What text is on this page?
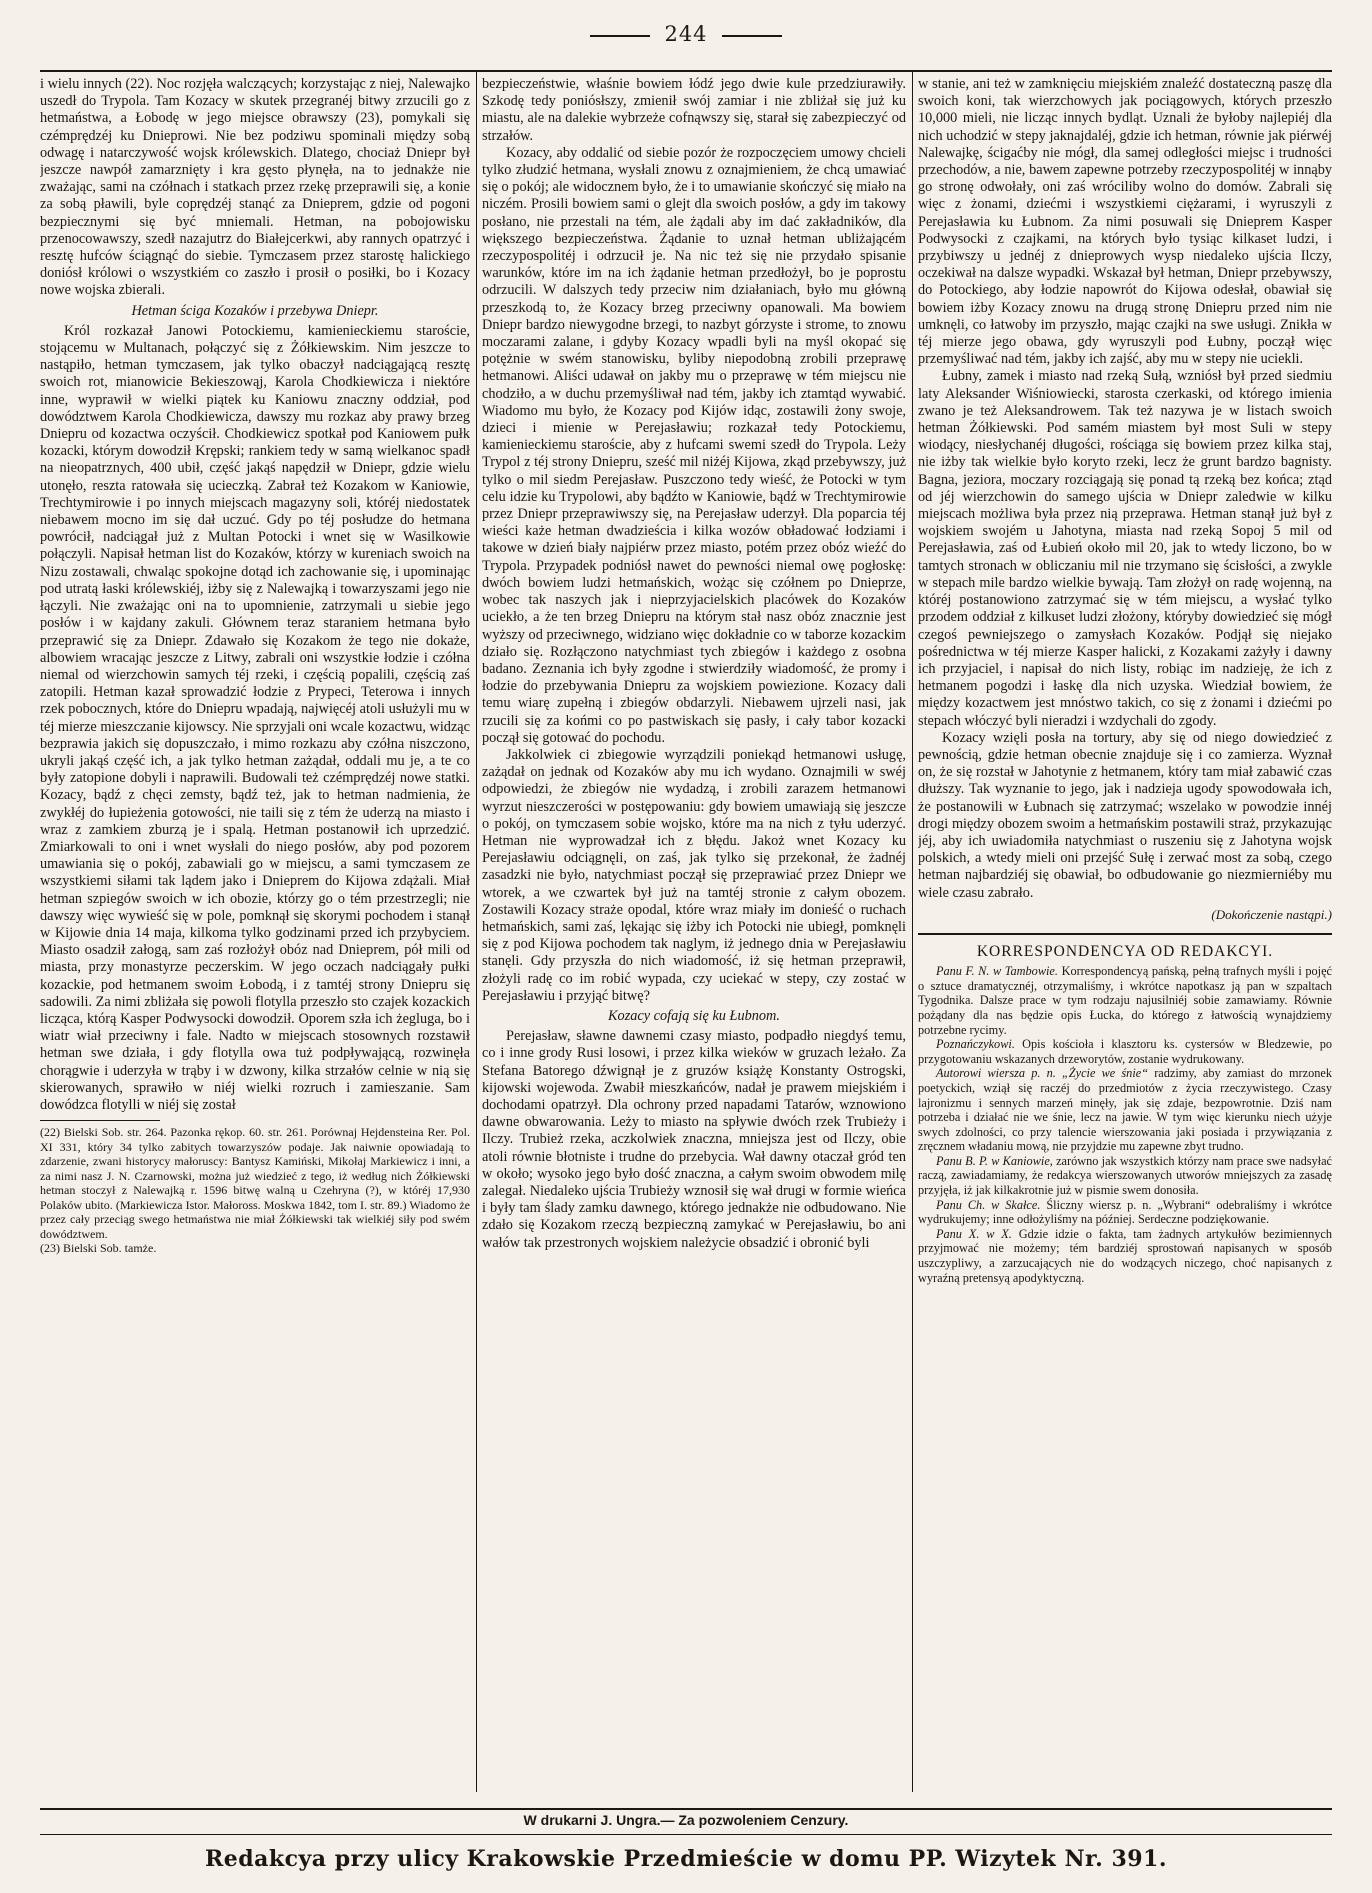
244

i wielu innych (22). Noc rozjęła walczących; korzystając z niej, Nalewajko uszedł do Trypola. Tam Kozacy w skutek przegranéj bitwy zrzucili go z hetmaństwa, a Łobodę w jego miejsce obrawszy (23), pomykali się czémprędzéj ku Dnieprowi. Nie bez podziwu spominali między sobą odwagę i natarczywość wojsk królewskich. Dlatego, chociaż Dniepr był jeszcze nawpół zamarznięty i kra gęsto płynęła, na to jednakże nie zważając, sami na czółnach i statkach przez rzekę przeprawili się, a konie za sobą pławili, byle coprędzéj stanąć za Dnieprem, gdzie od pogoni bezpiecznymi się być mniemali. Hetman, na pobojowisku przenocowawszy, szedł nazajutrz do Białejcerkwi, aby rannych opatrzyć i resztę hufców ściągnąć do siebie. Tymczasem przez starostę halickiego doniósł królowi o wszystkiém co zaszło i prosił o posiłki, bo i Kozacy nowe wojska zbierali.

Hetman ściga Kozaków i przebywa Dniepr.

Król rozkazał Janowi Potockiemu, kamienieckiemu staroście, stojącemu w Multanach, połączyć się z Żółkiewskim. Nim jeszcze to nastąpiło, hetman tymczasem, jak tylko obaczył nadciągającą resztę swoich rot, mianowicie Bekieszowąj, Karola Chodkiewicza i niektóre inne, wyprawił w wielki piątek ku Kaniowu znaczny oddział, pod dowództwem Karola Chodkiewicza, dawszy mu rozkaz aby prawy brzeg Dniepru od kozactwa oczyścił. Chodkiewicz spotkał pod Kaniowem pułk kozacki, którym dowodził Krępski; rankiem tedy w samą wielkanoc spadł na nieopatrznych, 400 ubił, część jakąś napędził w Dniepr, gdzie wielu utonęło, reszta ratowała się ucieczką. Zabrał też Kozakom w Kaniowie, Trechtymirowie i po innych miejscach magazyny soli, któréj niedostatek niebawem mocno im się dał uczuć. Gdy po téj posłudze do hetmana powrócił, nadciągał już z Multan Potocki i wnet się w Wasilkowie połączyli. Napisał hetman list do Kozaków, którzy w kureniach swoich na Nizu zostawali, chwaląc spokojne dotąd ich zachowanie się, i upominając pod utratą łaski królewskiéj, iżby się z Nalewajką i towarzyszami jego nie łączyli. Nie zważając oni na to upomnienie, zatrzymali u siebie jego posłów i w kajdany zakuli. Głównem teraz staraniem hetmana było przeprawić się za Dniepr. Zdawało się Kozakom że tego nie dokaże, albowiem wracając jeszcze z Litwy, zabrali oni wszystkie łodzie i czółna niemal od wierzchowin samych téj rzeki, i częścią popalili, częścią zaś zatopili. Hetman kazał sprowadzić łodzie z Prypeci, Teterowa i innych rzek pobocznych, które do Dniepru wpadają, najwięcéj atoli usłużyli mu w téj mierze mieszczanie kijowscy. Nie sprzyjali oni wcale kozactwu, widząc bezprawia jakich się dopuszczało, i mimo rozkazu aby czółna niszczono, ukryli jakąś część ich, a jak tylko hetman zażądał, oddali mu je, a te co były zatopione dobyli i naprawili. Budowali też czémprędzéj nowe statki. Kozacy, bądź z chęci zemsty, bądź też, jak to hetman nadmienia, że zwykłéj do łupieżenia gotowości, nie taili się z tém że uderzą na miasto i wraz z zamkiem zburzą je i spalą. Hetman postanowił ich uprzedzić. Zmiarkowali to oni i wnet wysłali do niego posłów, aby pod pozorem umawiania się o pokój, zabawiali go w miejscu, a sami tymczasem ze wszystkiemi siłami tak lądem jako i Dnieprem do Kijowa zdążali. Miał hetman szpiegów swoich w ich obozie, którzy go o tém przestrzegli; nie dawszy więc wywieść się w pole, pomknął się skorymi pochodem i stanął w Kijowie dnia 14 maja, kilkoma tylko godzinami przed ich przybyciem. Miasto osadził załogą, sam zaś rozłożył obóz nad Dnieprem, pół mili od miasta, przy monastyrze peczerskim. W jego oczach nadciągały pułki kozackie, pod hetmanem swoim Łobodą, i z tamtéj strony Dniepru się sadowili. Za nimi zbliżała się powoli flotylla przeszło sto czajek kozackich licząca, którą Kasper Podwysocki dowodził. Oporem szła ich żegluga, bo i wiatr wiał przeciwny i fale. Nadto w miejscach stosownych rozstawił hetman swe działa, i gdy flotylla owa tuż podpływającą, rozwinęła chorągwie i uderzyła w trąby i w dzwony, kilka strzałów celnie w nią się skierowanych, sprawiło w niéj wielki rozruch i zamieszanie. Sam dowódzca flotylli w niéj się został

(22) Bielski Sob. str. 264. Pazonka rękop. 60. str. 261. Porównaj Hejdensteina Rer. Pol. XI 331, który 34 tylko zabitych towarzyszów podaje. Jak naiwnie opowiadają to zdarzenie, zwani historycy małoruscy: Bantysz Kamiński, Mikołaj Markiewicz i inni, a za nimi nasz J. N. Czarnowski, można już wiedzieć z tego, iż według nich Żółkiewski hetman stoczył z Nalewajką r. 1596 bitwę walną u Czehryna (?), w któréj 17,930 Polaków ubito. (Markiewicza Istor. Małoross. Moskwa 1842, tom I. str. 89.) Wiadomo że przez cały przeciąg swego hetmaństwa nie miał Żółkiewski tak wielkiéj siły pod swém dowództwem.

(23) Bielski Sob. tamże.

bezpieczeństwie, właśnie bowiem łódź jego dwie kule przedziurawiły. Szkodę tedy poniósłszy, zmienił swój zamiar i nie zbliżał się już ku miastu, ale na dalekie wybrzeże cofnąwszy się, starał się zabezpieczyć od strzałów.

Kozacy, aby oddalić od siebie pozór że rozpoczęciem umowy chcieli tylko złudzić hetmana, wysłali znowu z oznajmieniem, że chcą umawiać się o pokój; ale widocznem było, że i to umawianie skończyć się miało na niczém. Prosili bowiem sami o glejt dla swoich posłów, a gdy im takowy posłano, nie przestali na tém, ale żądali aby im dać zakładników, dla większego bezpieczeństwa. Żądanie to uznał hetman ubliżającém rzeczypospolitéj i odrzucił je. Na nic też się nie przydało spisanie warunków, które im na ich żądanie hetman przedłożył, bo je poprostu odrzucili. W dalszych tedy przeciw nim działaniach, było mu główną przeszkodą to, że Kozacy brzeg przeciwny opanowali. Ma bowiem Dniepr bardzo niewygodne brzegi, to nazbyt górzyste i strome, to znowu moczarami zalane, i gdyby Kozacy wpadli byli na myśl okopać się potężnie w swém stanowisku, byliby niepodobną zrobili przeprawę hetmanowi. Aliści udawał on jakby mu o przeprawę w tém miejscu nie chodziło, a w duchu przemyśliwał nad tém, jakby ich ztamtąd wywabić. Wiadomo mu było, że Kozacy pod Kijów idąc, zostawili żony swoje, dzieci i mienie w Perejasławiu; rozkazał tedy Potockiemu, kamienieckiemu staroście, aby z hufcami swemi szedł do Trypola. Leży Trypol z téj strony Dniepru, sześć mil niżéj Kijowa, zkąd przebywszy, już tylko o mil siedm Perejasław. Puszczono tedy wieść, że Potocki w tym celu idzie ku Trypolowi, aby bądźto w Kaniowie, bądź w Trechtymirowie przez Dniepr przeprawiwszy się, na Perejasław uderzył. Dla poparcia téj wieści każe hetman dwadzieścia i kilka wozów obładować łodziami i takowe w dzień biały najpiérw przez miasto, potém przez obóz wieźć do Trypola. Przypadek podniósł nawet do pewności niemal owę pogłoskę: dwóch bowiem ludzi hetmańskich, wożąc się czółnem po Dnieprze, wobec tak naszych jak i nieprzyjacielskich placówek do Kozaków uciekło, a że ten brzeg Dniepru na którym stał nasz obóz znacznie jest wyższy od przeciwnego, widziano więc dokładnie co w taborze kozackim działo się. Rozłączono natychmiast tych zbiegów i każdego z osobna badano. Zeznania ich były zgodne i stwierdziły wiadomość, że promy i łodzie do przebywania Dniepru za wojskiem powiezione. Kozacy dali temu wiarę zupełną i zbiegów obdarzyli. Niebawem ujrzeli nasi, jak rzucili się za końmi co po pastwiskach się pasły, i cały tabor kozacki począł się gotować do pochodu.

Jakkolwiek ci zbiegowie wyrządzili poniekąd hetmanowi usługę, zażądał on jednak od Kozaków aby mu ich wydano. Oznajmili w swéj odpowiedzi, że zbiegów nie wydadzą, i zrobili zarazem hetmanowi wyrzut nieszczerości w postępowaniu: gdy bowiem umawiają się jeszcze o pokój, on tymczasem sobie wojsko, które ma na nich z tyłu uderzyć. Hetman nie wyprowadzał ich z błędu. Jakoż wnet Kozacy ku Perejasławiu odciągnęli, on zaś, jak tylko się przekonał, że żadnéj zasadzki nie było, natychmiast począł się przeprawiać przez Dniepr we wtorek, a we czwartek był już na tamtéj stronie z całym obozem. Zostawili Kozacy straże opodal, które wraz miały im donieść o ruchach hetmańskich, sami zaś, lękając się iżby ich Potocki nie ubiegł, pomknęli się z pod Kijowa pochodem tak naglym, iż jednego dnia w Perejasławiu stanęli. Gdy przyszła do nich wiadomość, iż się hetman przeprawił, złożyli radę co im robić wypada, czy uciekać w stepy, czy zostać w Perejasławiu i przyjąć bitwę?

Kozacy cofają się ku Łubnom.

Perejasław, sławne dawnemi czasy miasto, podpadło niegdyś temu, co i inne grody Rusi losowi, i przez kilka wieków w gruzach leżało. Za Stefana Batorego dźwignął je z gruzów książę Konstanty Ostrogski, kijowski wojewoda. Zwabił mieszkańców, nadał je prawem miejskiém i dochodami opatrzył. Dla ochrony przed napadami Tatarów, wznowiono dawne obwarowania. Leży to miasto na spływie dwóch rzek Trubieży i Ilczy. Trubież rzeka, aczkolwiek znaczna, mniejsza jest od Ilczy, obie atoli równie błotniste i trudne do przebycia. Wał dawny otaczał gród ten w około; wysoko jego było dość znaczna, a całym swoim obwodem milę zalegał. Niedaleko ujścia Trubieży wznosił się wał drugi w formie wieńca i były tam ślady zamku dawnego, którego jednakże nie odbudowano. Nie zdało się Kozakom rzeczą bezpieczną zamykać w Perejasławiu, bo ani wałów tak przestronych wojskiem należycie obsadzić i obronić byli

w stanie, ani też w zamknięciu miejskiém znaleźć dostateczną paszę dla swoich koni, tak wierzchowych jak pociągowych, których przeszło 10,000 mieli, nie licząc innych bydląt. Uznali że byłoby najlepiéj dla nich uchodzić w stepy jaknajdaléj, gdzie ich hetman, równie jak piérwéj Nalewajkę, ścigaćby nie mógł, dla samej odległości miejsc i trudności przechodów, a nie, bawem zapewne potrzeby rzeczypospolitéj w innąby go stronę odwołały, oni zaś wróciliby wolno do domów. Zabrali się więc z żonami, dziećmi i wszystkiemi ciężarami, i wyruszyli z Perejasławia ku Łubnom. Za nimi posuwali się Dnieprem Kasper Podwysocki z czajkami, na których było tysiąc kilkaset ludzi, i przybiwszy u jednéj z dnieprowych wysp niedaleko ujścia Ilczy, oczekiwał na dalsze wypadki. Wskazał był hetman, Dniepr przebywszy, do Potockiego, aby łodzie napowrót do Kijowa odesłał, obawiał się bowiem iżby Kozacy znowu na drugą stronę Dniepru przed nim nie umknęli, co łatwoby im przyszło, mając czajki na swe usługi. Znikła w téj mierze jego obawa, gdy wyruszyli pod Łubny, począł więc przemyśliwać nad tém, jakby ich zajść, aby mu w stepy nie uciekli.

Łubny, zamek i miasto nad rzeką Sułą, wzniósł był przed siedmiu laty Aleksander Wiśniowiecki, starosta czerkaski, od którego imienia zwano je też Aleksandrowem. Tak też nazywa je w listach swoich hetman Żółkiewski. Pod samém miastem był most Suli w stepy wiodący, niesłychanéj długości, rościąga się bowiem przez kilka staj, nie iżby tak wielkie było koryto rzeki, lecz że grunt bardzo bagnisty. Bagna, jeziora, moczary rozciągają się ponad tą rzeką bez końca; ztąd od jéj wierzchowin do samego ujścia w Dniepr zaledwie w kilku miejscach możliwa była przez nią przeprawa. Hetman stanął już był z wojskiem swojém u Jahotyna, miasta nad rzeką Sopoj 5 mil od Perejasławia, zaś od Łubień około mil 20, jak to wtedy liczono, bo w tamtych stronach w obliczaniu mil nie trzymano się ścisłości, a zwykle w stepach mile bardzo wielkie bywają. Tam złożył on radę wojenną, na któréj postanowiono zatrzymać się w tém miejscu, a wysłać tylko przodem oddział z kilkuset ludzi złożony, któryby dowiedzieć się mógł czegoś pewniejszego o zamysłach Kozaków. Podjął się niejako pośrednictwa w téj mierze Kasper halicki, z Kozakami zażyły i dawny ich przyjaciel, i napisał do nich listy, robiąc im nadzieję, że ich z hetmanem pogodzi i łaskę dla nich uzyska. Wiedział bowiem, że między kozactwem jest mnóstwo takich, co się z żonami i dziećmi po stepach włóczyć byli nieradzi i wzdychali do zgody.

Kozacy wzięli posła na tortury, aby się od niego dowiedzieć z pewnością, gdzie hetman obecnie znajduje się i co zamierza. Wyznał on, że się rozstał w Jahotynie z hetmanem, który tam miał zabawić czas dłuższy. Tak wyznanie to jego, jak i nadzieja ugody spowodowała ich, że postanowili w Łubnach się zatrzymać; wszelako w powodzie innéj drogi między obozem swoim a hetmańskim postawili straż, przykazując jéj, aby ich uwiadomiła natychmiast o ruszeniu się z Jahotyna wojsk polskich, a wtedy mieli oni przejść Sułę i zerwać most za sobą, czego hetman najbardziéj się obawiał, bo odbudowanie go niezmierniéby mu wiele czasu zabrało.

(Dokończenie nastąpi.)

KORRESPONDENCYA OD REDAKCYI.

Panu F. N. w Tambowie. Korrespondencyą pańską, pełną trafnych myśli i pojęć o sztuce dramatycznéj, otrzymaliśmy, i wkrótce napotkasz ją pan w szpaltach Tygodnika. Dalsze prace w tym rodzaju najusilniéj sobie zamawiamy. Równie pożądany dla nas będzie opis Łucka, do którego z łatwością wynajdziemy potrzebne rycimy.

Poznańczykowi. Opis kościoła i klasztoru ks. cystersów w Bledzewie, po przygotowaniu wskazanych drzeworytów, zostanie wydrukowany.

Autorowi wiersza p. n. „Życie we śnie“ radzimy, aby zamiast do mrzonek poetyckich, wziął się raczéj do przedmiotów z życia rzeczywistego. Czasy lajronizmu i sennych marzeń minęły, jak się zdaje, bezpowrotnie. Dziś nam potrzeba i działać nie we śnie, lecz na jawie. W tym więc kierunku niech użyje swych zdolności, co przy talencie wierszowania jaki posiada i przywiązania z zręcznem władaniu mową, nie przyjdzie mu zapewne zbyt trudno.

Panu B. P. w Kaniowie, zarówno jak wszystkich którzy nam prace swe nadsyłać raczą, zawiadamiamy, że redakcya wierszowanych utworów mniejszych za zasadę przyjęła, iż jak kilkakrotnie już w pismie swem donosiła.

Panu Ch. w Skałce. Śliczny wiersz p. n. „Wybrani“ odebraliśmy i wkrótce wydrukujemy; inne odłożyliśmy na później. Serdeczne podziękowanie.

Panu X. w X. Gdzie idzie o fakta, tam żadnych artykułów bezimiennych przyjmować nie możemy; tém bardziéj sprostowań napisanych w sposób uszczypliwy, a zarzucających nie do wodzących niczego, choć napisanych z wyraźną pretensyą apodyktyczną.

W drukarni J. Ungra.— Za pozwoleniem Cenzury.
Redakcya przy ulicy Krakowskie Przedmieście w domu PP. Wizytek Nr. 391.
